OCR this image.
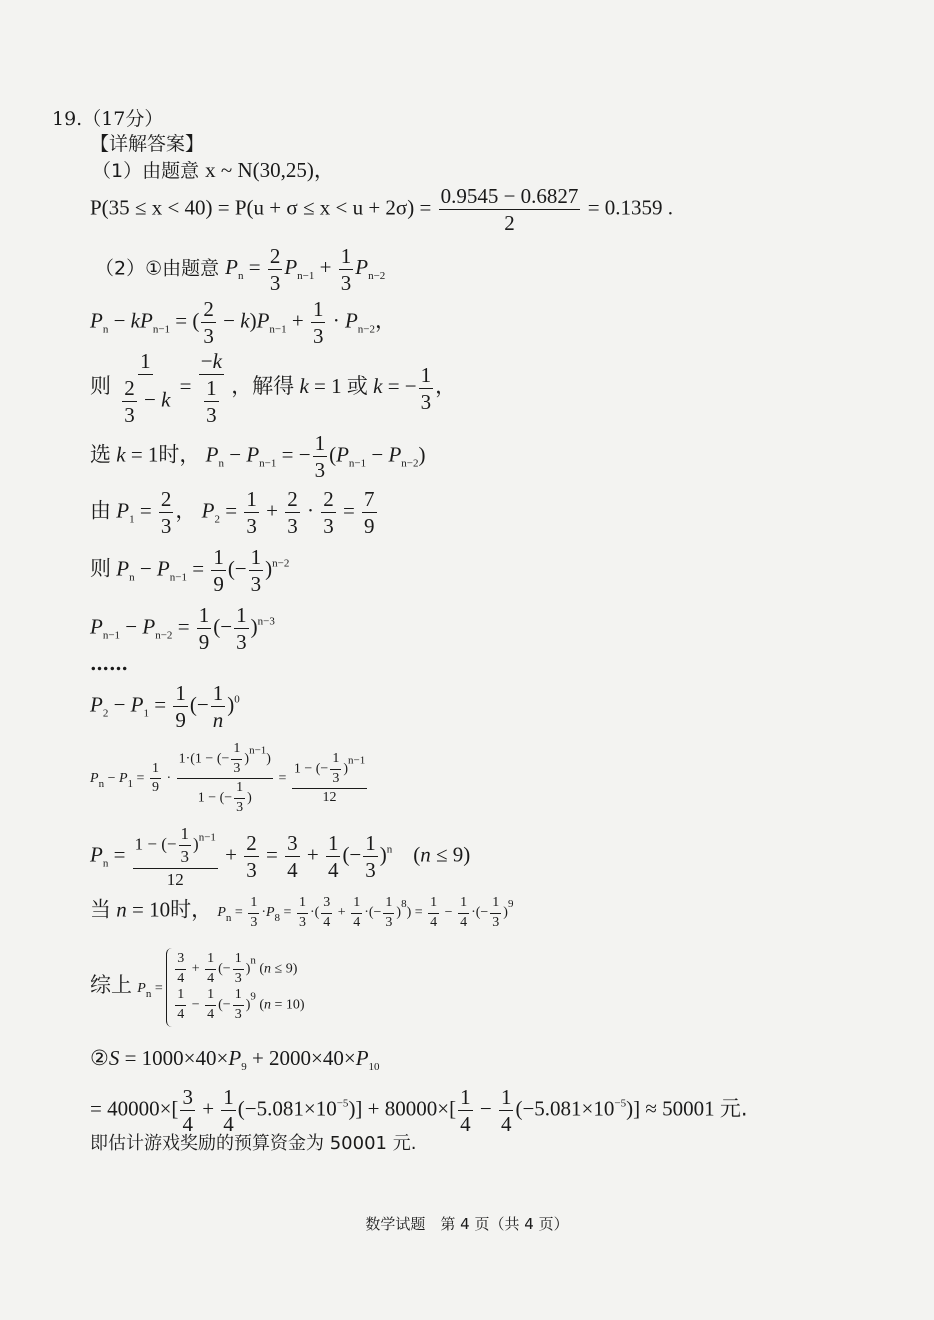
19.（17分）
【详解答案】
（1）由题意 x ~ N(30,25)，
$P(35 \le x < 40) = P(u + \sigma \le x < u + 2\sigma) = \frac{0.9545 - 0.6827}{2} = 0.1359$ .
（2）①由题意 $P_n = \frac{2}{3} P_{n-1} + \frac{1}{3} P_{n-2}$
$P_n - kP_{n-1}$ = ( $\frac{2}{3} - k)P_{n-1} + \frac{1}{3} \cdot P_{n-2}$，
则 $\frac{1}{\frac{2}{3} - k} = \frac{-k}{\frac{1}{3}}$ ，解得 k = 1 或 k = − $\frac{1}{3}$ ，
选 k = 1时， $P_n - P_{n-1}$ = − $\frac{1}{3} (P_{n-1} - P_{n-2})$
由 $P_1 = \frac{2}{3}$ ， $P_2 = \frac{1}{3} + \frac{2}{3} \cdot \frac{2}{3} = \frac{7}{9}$
则 $P_n - P_{n-1} = \frac{1}{9}$ (− $\frac{1}{3} )^{n-2}$
$P_{n-1} - P_{n-2} = \frac{1}{9}$ (− $\frac{1}{3} )^{n-3}$
……
$P_2 - P_1 = \frac{1}{9}$ (− $\frac{1}{n} )^0$
$P_n - P_1 = \frac{1}{9} \cdot \frac{1\cdot(1 - (- \frac{1}{3} )^{n-1})}{1 - (- \frac{1}{3} )} = \frac{1 - (- \frac{1}{3} )^{n-1}}{12}$
$P_n = \frac{1 - (- \frac{1}{3} )^{n-1}}{12} + \frac{2}{3} = \frac{3}{4} + \frac{1}{4}$ (− $\frac{1}{3} )^n$    (n ≤ 9)
当 n = 10时， $P_n = \frac{1}{3} \cdot P_8 = \frac{1}{3}$ ·( $\frac{3}{4} + \frac{1}{4}$ ·(− $\frac{1}{3} )^8) = \frac{1}{4} - \frac{1}{4}$ ·(− $\frac{1}{3} )^9$
综上 $P_n$ =
$\frac{3}{4} + \frac{1}{4}$ (− $\frac{1}{3} )^n$ (n ≤ 9)
$\frac{1}{4} - \frac{1}{4}$ (− $\frac{1}{3} )^9$ (n = 10)
②S = $1000\times 40\times P_9 + 2000\times 40\times P_{10}$
= $40000\times[ \frac{3}{4} + \frac{1}{4} (-5.081\times 10^{-5})] + 80000\times[ \frac{1}{4} - \frac{1}{4} (-5.081\times 10^{-5})] \approx 50001$ 元.
即估计游戏奖励的预算资金为 50001 元.
数学试题　第 4 页（共 4 页）
